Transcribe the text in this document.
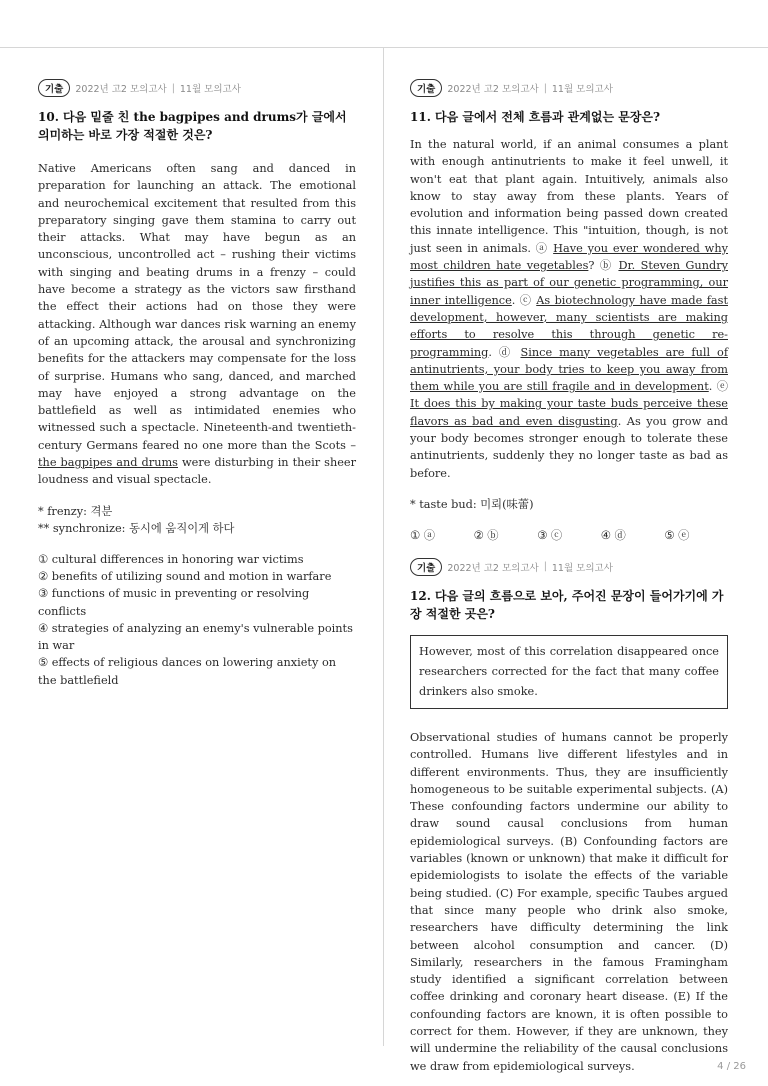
기출	2022년 고2 모의고사 | 11월 모의고사

10. 다음 밑줄 친 the bagpipes and drums가 글에서 의미하는 바로 가장 적절한 것은?

Native Americans often sang and danced in preparation for launching an attack. The emotional and neurochemical excitement that resulted from this preparatory singing gave them stamina to carry out their attacks. What may have begun as an unconscious, uncontrolled act – rushing their victims with singing and beating drums in a frenzy – could have become a strategy as the victors saw firsthand the effect their actions had on those they were attacking. Although war dances risk warning an enemy of an upcoming attack, the arousal and synchronizing benefits for the attackers may compensate for the loss of surprise. Humans who sang, danced, and marched may have enjoyed a strong advantage on the battlefield as well as intimidated enemies who witnessed such a spectacle. Nineteenth-and twentieth-century Germans feared no one more than the Scots – the bagpipes and drums were disturbing in their sheer loudness and visual spectacle.

* frenzy: 격분
** synchronize: 동시에 움직이게 하다
① cultural differences in honoring war victims
② benefits of utilizing sound and motion in warfare
③ functions of music in preventing or resolving conflicts
④ strategies of analyzing an enemy's vulnerable points in war
⑤ effects of religious dances on lowering anxiety on the battlefield
기출	2022년 고2 모의고사 | 11월 모의고사

11. 다음 글에서 전체 흐름과 관계없는 문장은?

In the natural world, if an animal consumes a plant with enough antinutrients to make it feel unwell, it won't eat that plant again. Intuitively, animals also know to stay away from these plants. Years of evolution and information being passed down created this innate intelligence. This "intuition, though, is not just seen in animals. ⓐ Have you ever wondered why most children hate vegetables? ⓑ Dr. Steven Gundry justifies this as part of our genetic programming, our inner intelligence. ⓒ As biotechnology have made fast development, however, many scientists are making efforts to resolve this through genetic re-programming. ⓓ Since many vegetables are full of antinutrients, your body tries to keep you away from them while you are still fragile and in development. ⓔ It does this by making your taste buds perceive these flavors as bad and even disgusting. As you grow and your body becomes stronger enough to tolerate these antinutrients, suddenly they no longer taste as bad as before.

* taste bud: 미뢰(味蕾)
① ⓐ	② ⓑ	③ ⓒ	④ ⓓ	⑤ ⓔ
기출	2022년 고2 모의고사 | 11월 모의고사

12. 다음 글의 흐름으로 보아, 주어진 문장이 들어가기에 가장 적절한 곳은?

However, most of this correlation disappeared once researchers corrected for the fact that many coffee drinkers also smoke.

Observational studies of humans cannot be properly controlled. Humans live different lifestyles and in different environments. Thus, they are insufficiently homogeneous to be suitable experimental subjects. (A) These confounding factors undermine our ability to draw sound causal conclusions from human epidemiological surveys. (B) Confounding factors are variables (known or unknown) that make it difficult for epidemiologists to isolate the effects of the variable being studied. (C) For example, specific Taubes argued that since many people who drink also smoke, researchers have difficulty determining the link between alcohol consumption and cancer. (D) Similarly, researchers in the famous Framingham study identified a significant correlation between coffee drinking and coronary heart disease. (E) If the confounding factors are known, it is often possible to correct for them. However, if they are unknown, they will undermine the reliability of the causal conclusions we draw from epidemiological surveys.	4 / 26
